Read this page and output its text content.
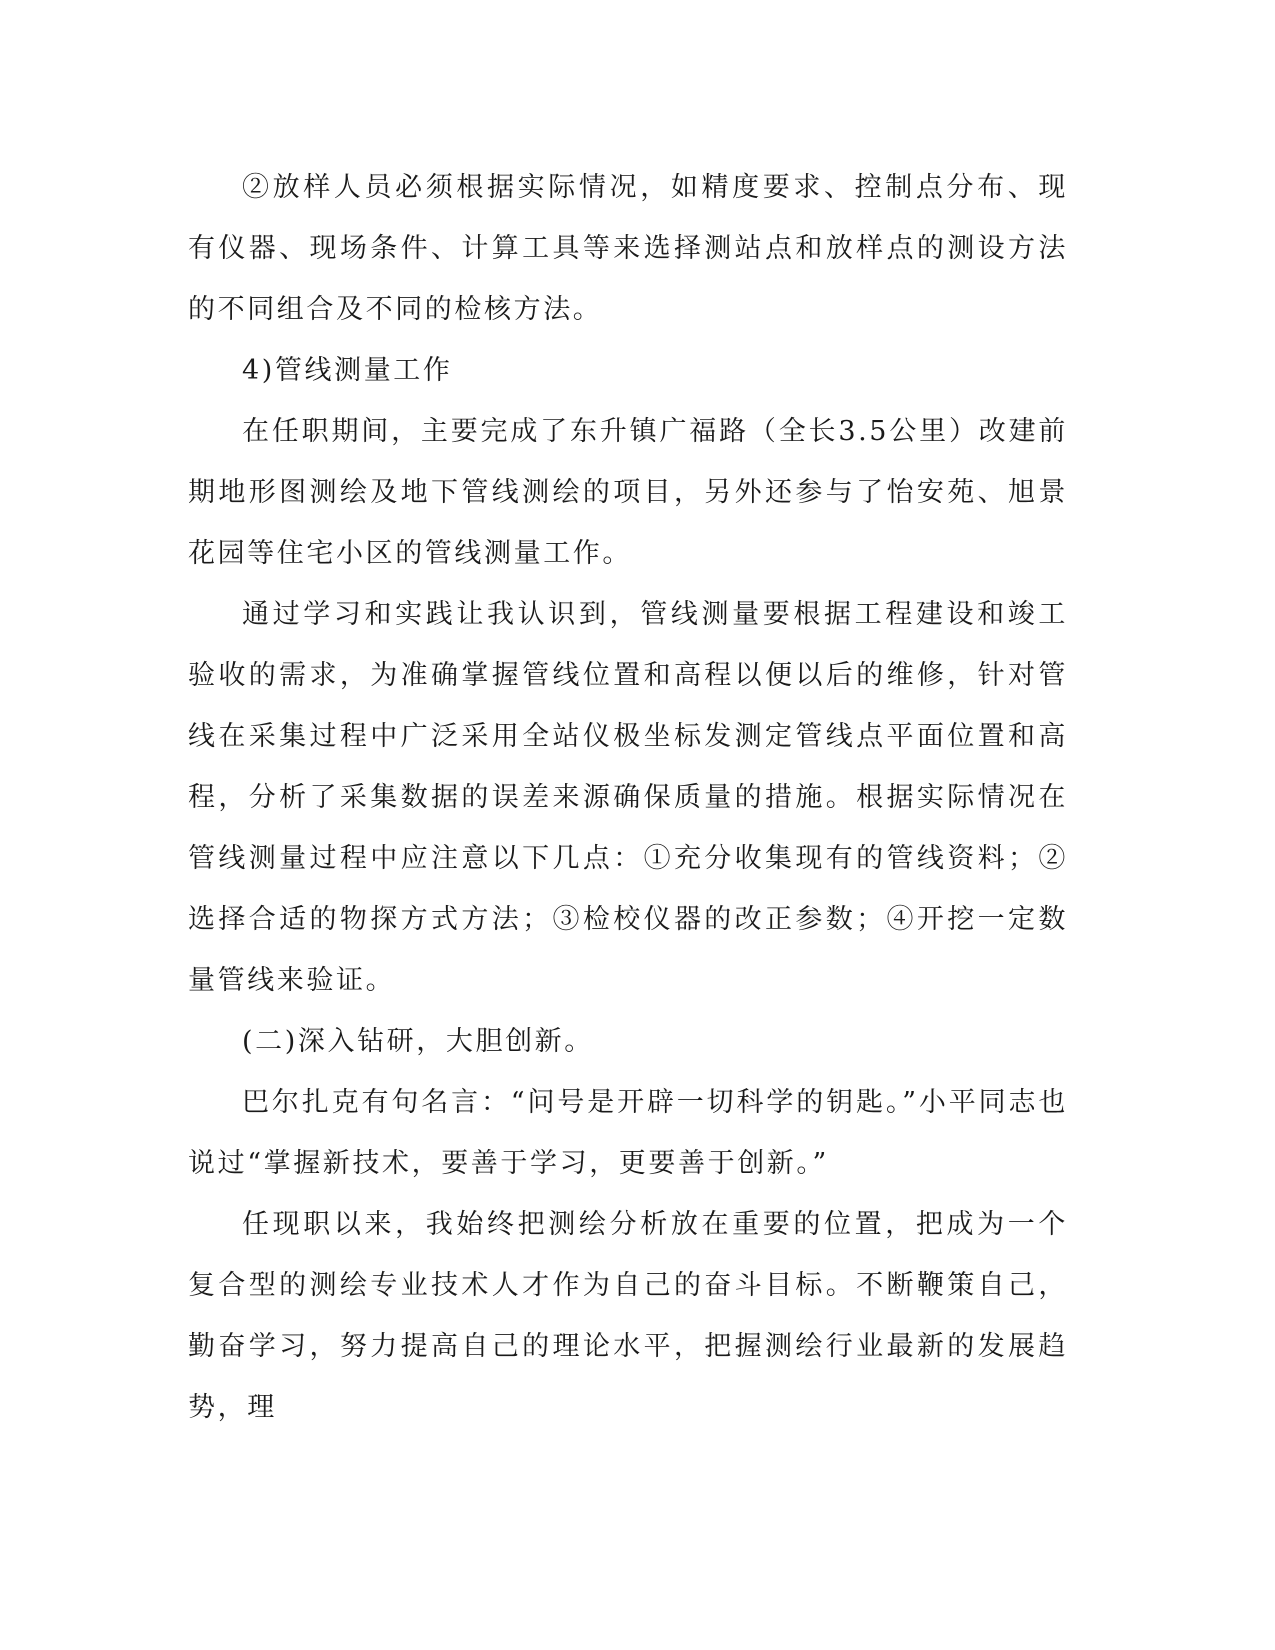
②放样人员必须根据实际情况，如精度要求、控制点分布、现有仪器、现场条件、计算工具等来选择测站点和放样点的测设方法的不同组合及不同的检核方法。

4)管线测量工作

在任职期间，主要完成了东升镇广福路（全长3.5公里）改建前期地形图测绘及地下管线测绘的项目，另外还参与了怡安苑、旭景花园等住宅小区的管线测量工作。

通过学习和实践让我认识到，管线测量要根据工程建设和竣工验收的需求，为准确掌握管线位置和高程以便以后的维修，针对管线在采集过程中广泛采用全站仪极坐标发测定管线点平面位置和高程，分析了采集数据的误差来源确保质量的措施。根据实际情况在管线测量过程中应注意以下几点：①充分收集现有的管线资料；②选择合适的物探方式方法；③检校仪器的改正参数；④开挖一定数量管线来验证。

(二)深入钻研，大胆创新。

巴尔扎克有句名言：“问号是开辟一切科学的钥匙。”小平同志也说过“掌握新技术，要善于学习，更要善于创新。”

任现职以来，我始终把测绘分析放在重要的位置，把成为一个复合型的测绘专业技术人才作为自己的奋斗目标。不断鞭策自己，勤奋学习，努力提高自己的理论水平，把握测绘行业最新的发展趋势，理
